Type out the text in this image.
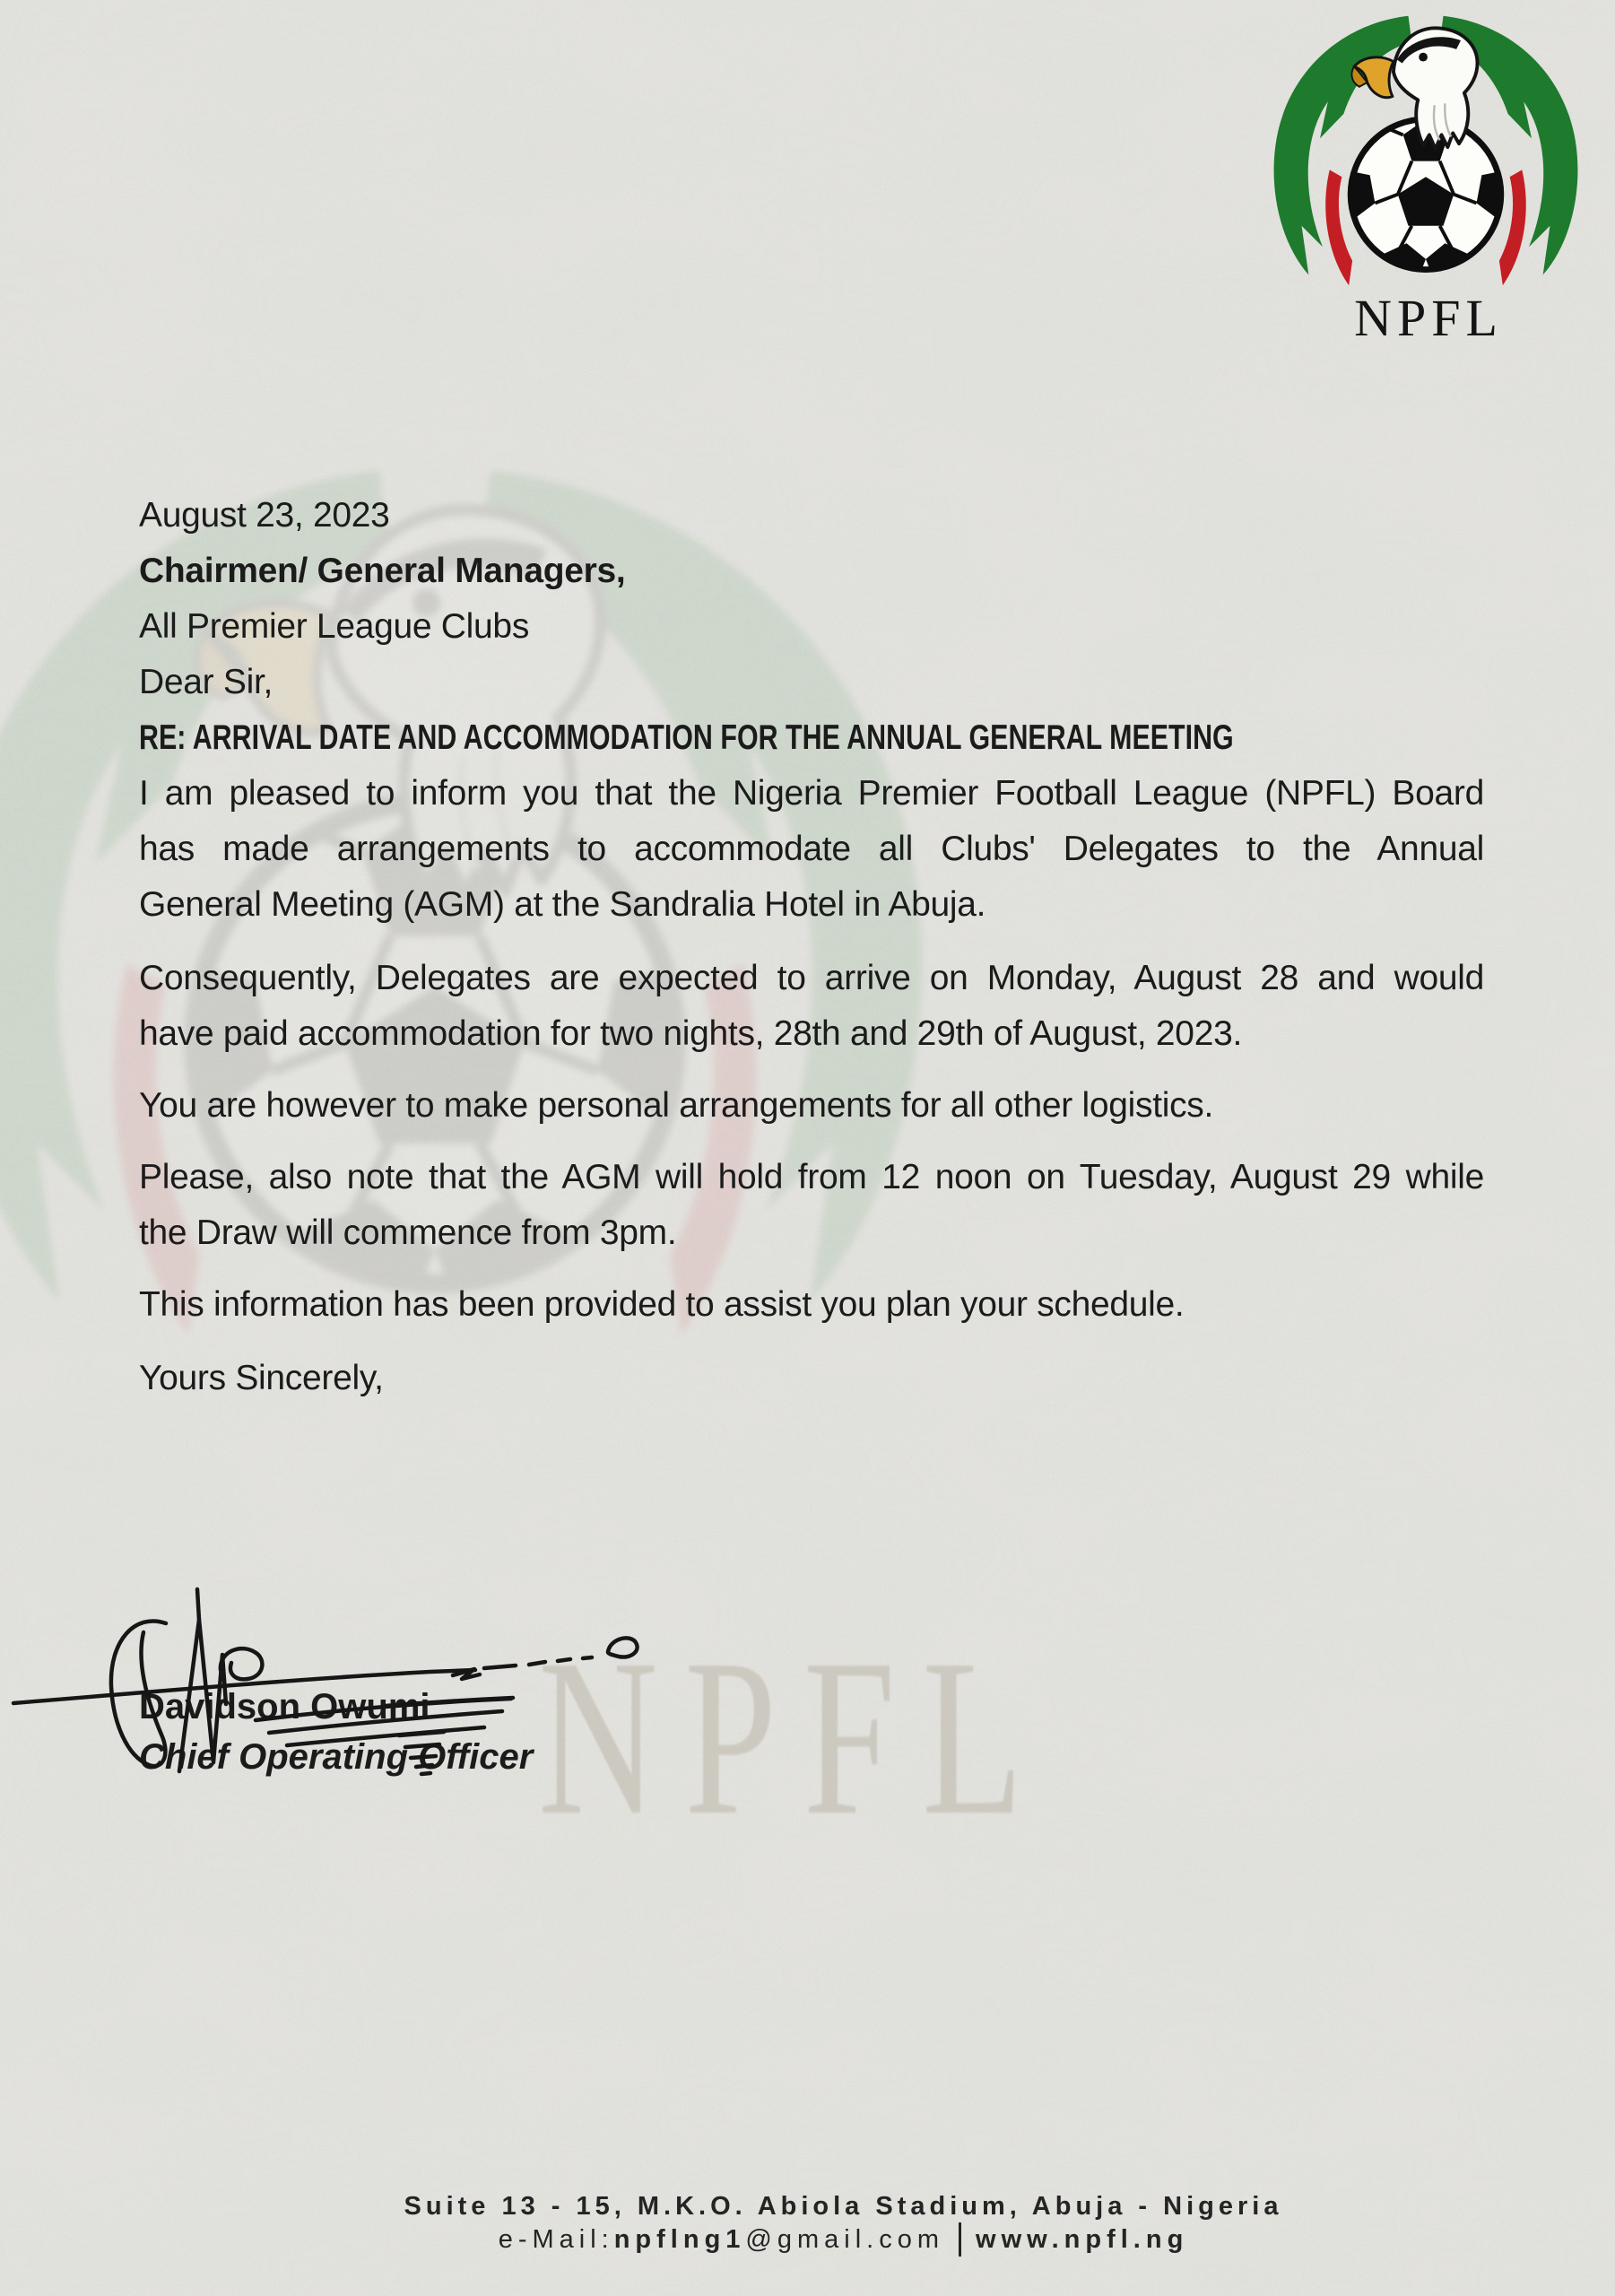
NPFL
NPFL

August 23, 2023

Chairmen/ General Managers,

All Premier League Clubs

Dear Sir,

RE: ARRIVAL DATE AND ACCOMMODATION FOR THE ANNUAL GENERAL MEETING

I am pleased to inform you that the Nigeria Premier Football League (NPFL) Board
has made arrangements to accommodate all Clubs' Delegates to the Annual
General Meeting (AGM) at the Sandralia Hotel in Abuja.
Consequently, Delegates are expected to arrive on Monday, August 28 and would
have paid accommodation for two nights, 28th and 29th of August, 2023.
You are however to make personal arrangements for all other logistics.
Please, also note that the AGM will hold from 12 noon on Tuesday, August 29 while
the Draw will commence from 3pm.
This information has been provided to assist you plan your schedule.

Yours Sincerely,

Davidson Owumi
Chief Operating Officer
Suite 13 - 15, M.K.O. Abiola Stadium, Abuja - Nigeria
e-Mail:npflng1@gmail.com www.npfl.ng
